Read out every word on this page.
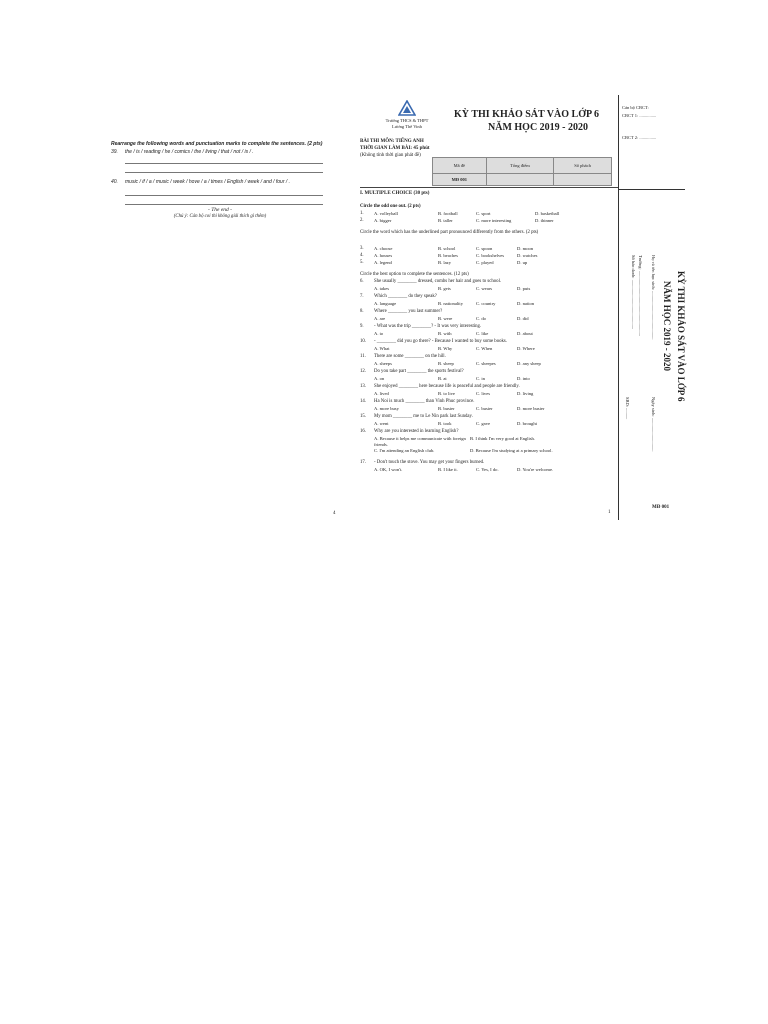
Rearrange the following words and punctuation marks to complete the sentences. (2 pts)
39. the / is / reading / he / comics / the / living / that / not / is / .
40. music / if / a / music / week / hove / a / times / English / week / and / four / .
- The end -
(Chú ý: Cán bộ coi thi không giải thích gì thêm)
4
Trường THCS & THPT
Lương Thế Vinh
KỲ THI KHẢO SÁT VÀO LỚP 6
NĂM HỌC 2019 - 2020
BÀI THI MÔN: TIẾNG ANH
THỜI GIAN LÀM BÀI: 45 phút
(Không tính thời gian phát đề)
Mã đề	Tổng điểm	Số phách
MĐ 001		
I. MULTIPLE CHOICE (30 pts)
Circle the odd one out. (2 pts)
1. A. volleyball	B. football	C. sport	D. basketball
2. A. bigger	B. taller	C. more interesting	D. thinner
Circle the word which has the underlined part pronounced differently from the others. (2 pts)
3. A. choose	B. school	C. spoon	D. moon
4. A. houses	B. beaches	C. bookshelves	D. watches
5. A. legend	B. lazy	C. played	D. up
Circle the best option to complete the sentences. (12 pts)
6. She usually ________ dressed, combs her hair and goes to school.
A. takes	B. gets	C. wears	D. puts
7. Which ________ do they speak?
A. language	B. nationality	C. country	D. nation
8. Where ________ you last summer?
A. are	B. were	C. do	D. did
9. - What was the trip ________? - It was very interesting.
A. to	B. with	C. like	D. about
10. - ________ did you go there? - Because I wanted to buy some books.
A. What	B. Why	C. When	D. Where
11. There are some ________ on the hill.
A. sheeps	B. sheep	C. sheepes	D. any sheep
12. Do you take part ________ the sports festival?
A. on	B. at	C. in	D. into
13. She enjoyed ________ here because life is peaceful and people are friendly.
A. lived	B. to live	C. lives	D. living
14. Ha Noi is much ________ than Vinh Phuc province.
A. more busy	B. busier	C. busier	D. more busier
15. My mom ________ me to Le Nin park last Sunday.
A. went	B. took	C. gave	D. brought
16. Why are you interested in learning English?
A. Because it helps me communicate with foreign friends.
B. I think I'm very good at English.
C. I'm attending an English club.	D. Because I'm studying at a primary school.
17. - Don't touch the stove. You may get your fingers burned.
A. OK, I won't.	B. I like it.	C. Yes, I do.	D. You're welcome.
Cán bộ CBCT:
CBCT 1: ...............
CBCT 2: ...............
KỲ THI KHẢO SÁT VÀO LỚP 6
NĂM HỌC 2019 - 2020
Họ và tên học sinh: ...........................................
Trường: ..........................................................
Số báo danh: ............................................
Ngày sinh: ..............................
SBD: ..........
1
MĐ 001
